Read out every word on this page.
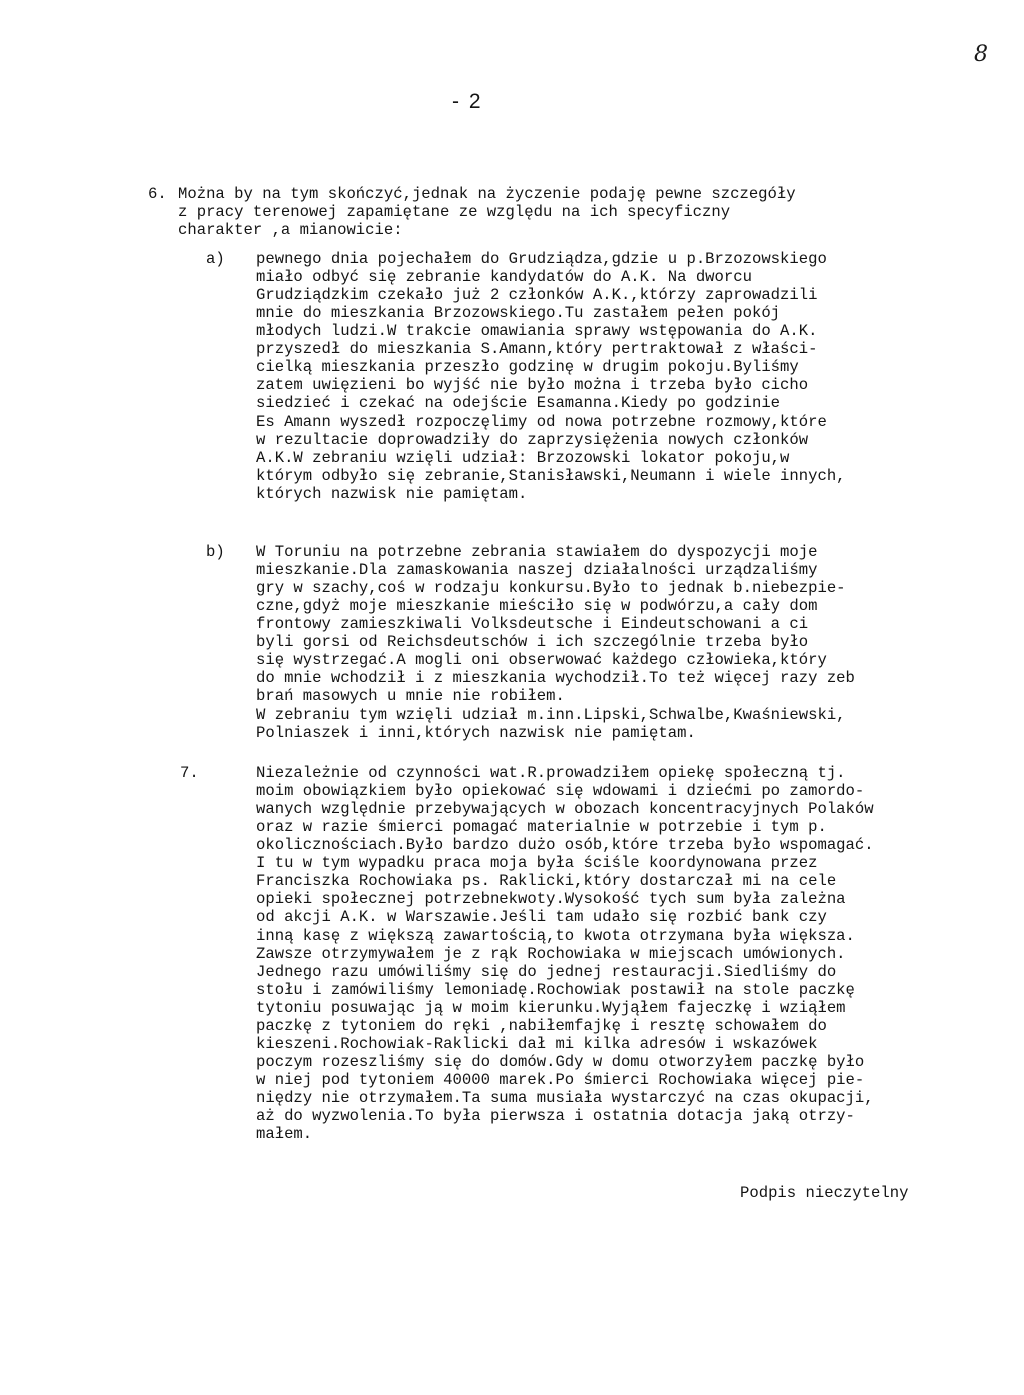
8
- 2
6. Można by na tym skończyć,jednak na życzenie podaję pewne szczegóły
z pracy terenowej zapamiętane ze względu na ich specyficzny
charakter ,a mianowicie:
a) pewnego dnia pojechałem do Grudziądza,gdzie u p.Brzozowskiego
miało odbyć się zebranie kandydatów do A.K. Na dworcu
Grudziądzkim czekało już 2 członków A.K.,którzy zaprowadzili
mnie do mieszkania Brzozowskiego.Tu zastałem pełen pokój
młodych ludzi.W trakcie omawiania sprawy wstępowania do A.K.
przyszedł do mieszkania S.Amann,który pertraktował z właści-
cielką mieszkania przeszło godzinę w drugim pokoju.Byliśmy
zatem uwięzieni bo wyjść nie było można i trzeba było cicho
siedzieć i czekać na odejście Esamanna.Kiedy po godzinie
Es Amann wyszedł rozpoczęlimy od nowa potrzebne rozmowy,które
w rezultacie doprowadziły do zaprzysiężenia nowych członków
A.K.W zebraniu wzięli udział: Brzozowski lokator pokoju,w
którym odbyło się zebranie,Stanisławski,Neumann i wiele innych,
których nazwisk nie pamiętam.
b) W Toruniu na potrzebne zebrania stawiałem do dyspozycji moje
mieszkanie.Dla zamaskowania naszej działalności urządzaliśmy
gry w szachy,coś w rodzaju konkursu.Było to jednak b.niebezpie-
czne,gdyż moje mieszkanie mieściło się w podwórzu,a cały dom
frontowy zamieszkiwali Volksdeutsche i Eindeutschowani a ci
byli gorsi od Reichsdeutschów i ich szczególnie trzeba było
się wystrzegać.A mogli oni obserwować każdego człowieka,który
do mnie wchodził i z mieszkania wychodził.To też więcej razy zeb
brań masowych u mnie nie robiłem.
W zebraniu tym wzięli udział m.inn.Lipski,Schwalbe,Kwaśniewski,
Polniaszek i inni,których nazwisk nie pamiętam.
7.	Niezależnie od czynności wat.R.prowadziłem opiekę społeczną tj.
moim obowiązkiem było opiekować się wdowami i dziećmi po zamordo-
wanych względnie przebywających w obozach koncentracyjnych Polaków
oraz w razie śmierci pomagać materialnie w potrzebie i tym p.
okolicznościach.Było bardzo dużo osób,które trzeba było wspomagać.
I tu w tym wypadku praca moja była ściśle koordynowana przez
Franciszka Rochowiaka ps. Raklicki,który dostarczał mi na cele
opieki społecznej potrzebnekwoty.Wysokość tych sum była zależna
od akcji A.K. w Warszawie.Jeśli tam udało się rozbić bank czy
inną kasę z większą zawartością,to kwota otrzymana była większa.
Zawsze otrzymywałem je z rąk Rochowiaka w miejscach umówionych.
Jednego razu umówiliśmy się do jednej restauracji.Siedliśmy do
stołu i zamówiliśmy lemoniadę.Rochowiak postawił na stole paczkę
tytoniu posuwając ją w moim kierunku.Wyjąłem fajeczkę i wziąłem
paczkę z tytoniem do ręki ,nabiłemfajkę i resztę schowałem do
kieszeni.Rochowiak-Raklicki dał mi kilka adresów i wskazówek
poczym rozeszliśmy się do domów.Gdy w domu otworzyłem paczkę było
w niej pod tytoniem 40000 marek.Po śmierci Rochowiaka więcej pie-
niędzy nie otrzymałem.Ta suma musiała wystarczyć na czas okupacji,
aż do wyzwolenia.To była pierwsza i ostatnia dotacja jaką otrzy-
małem.
Podpis nieczytelny
